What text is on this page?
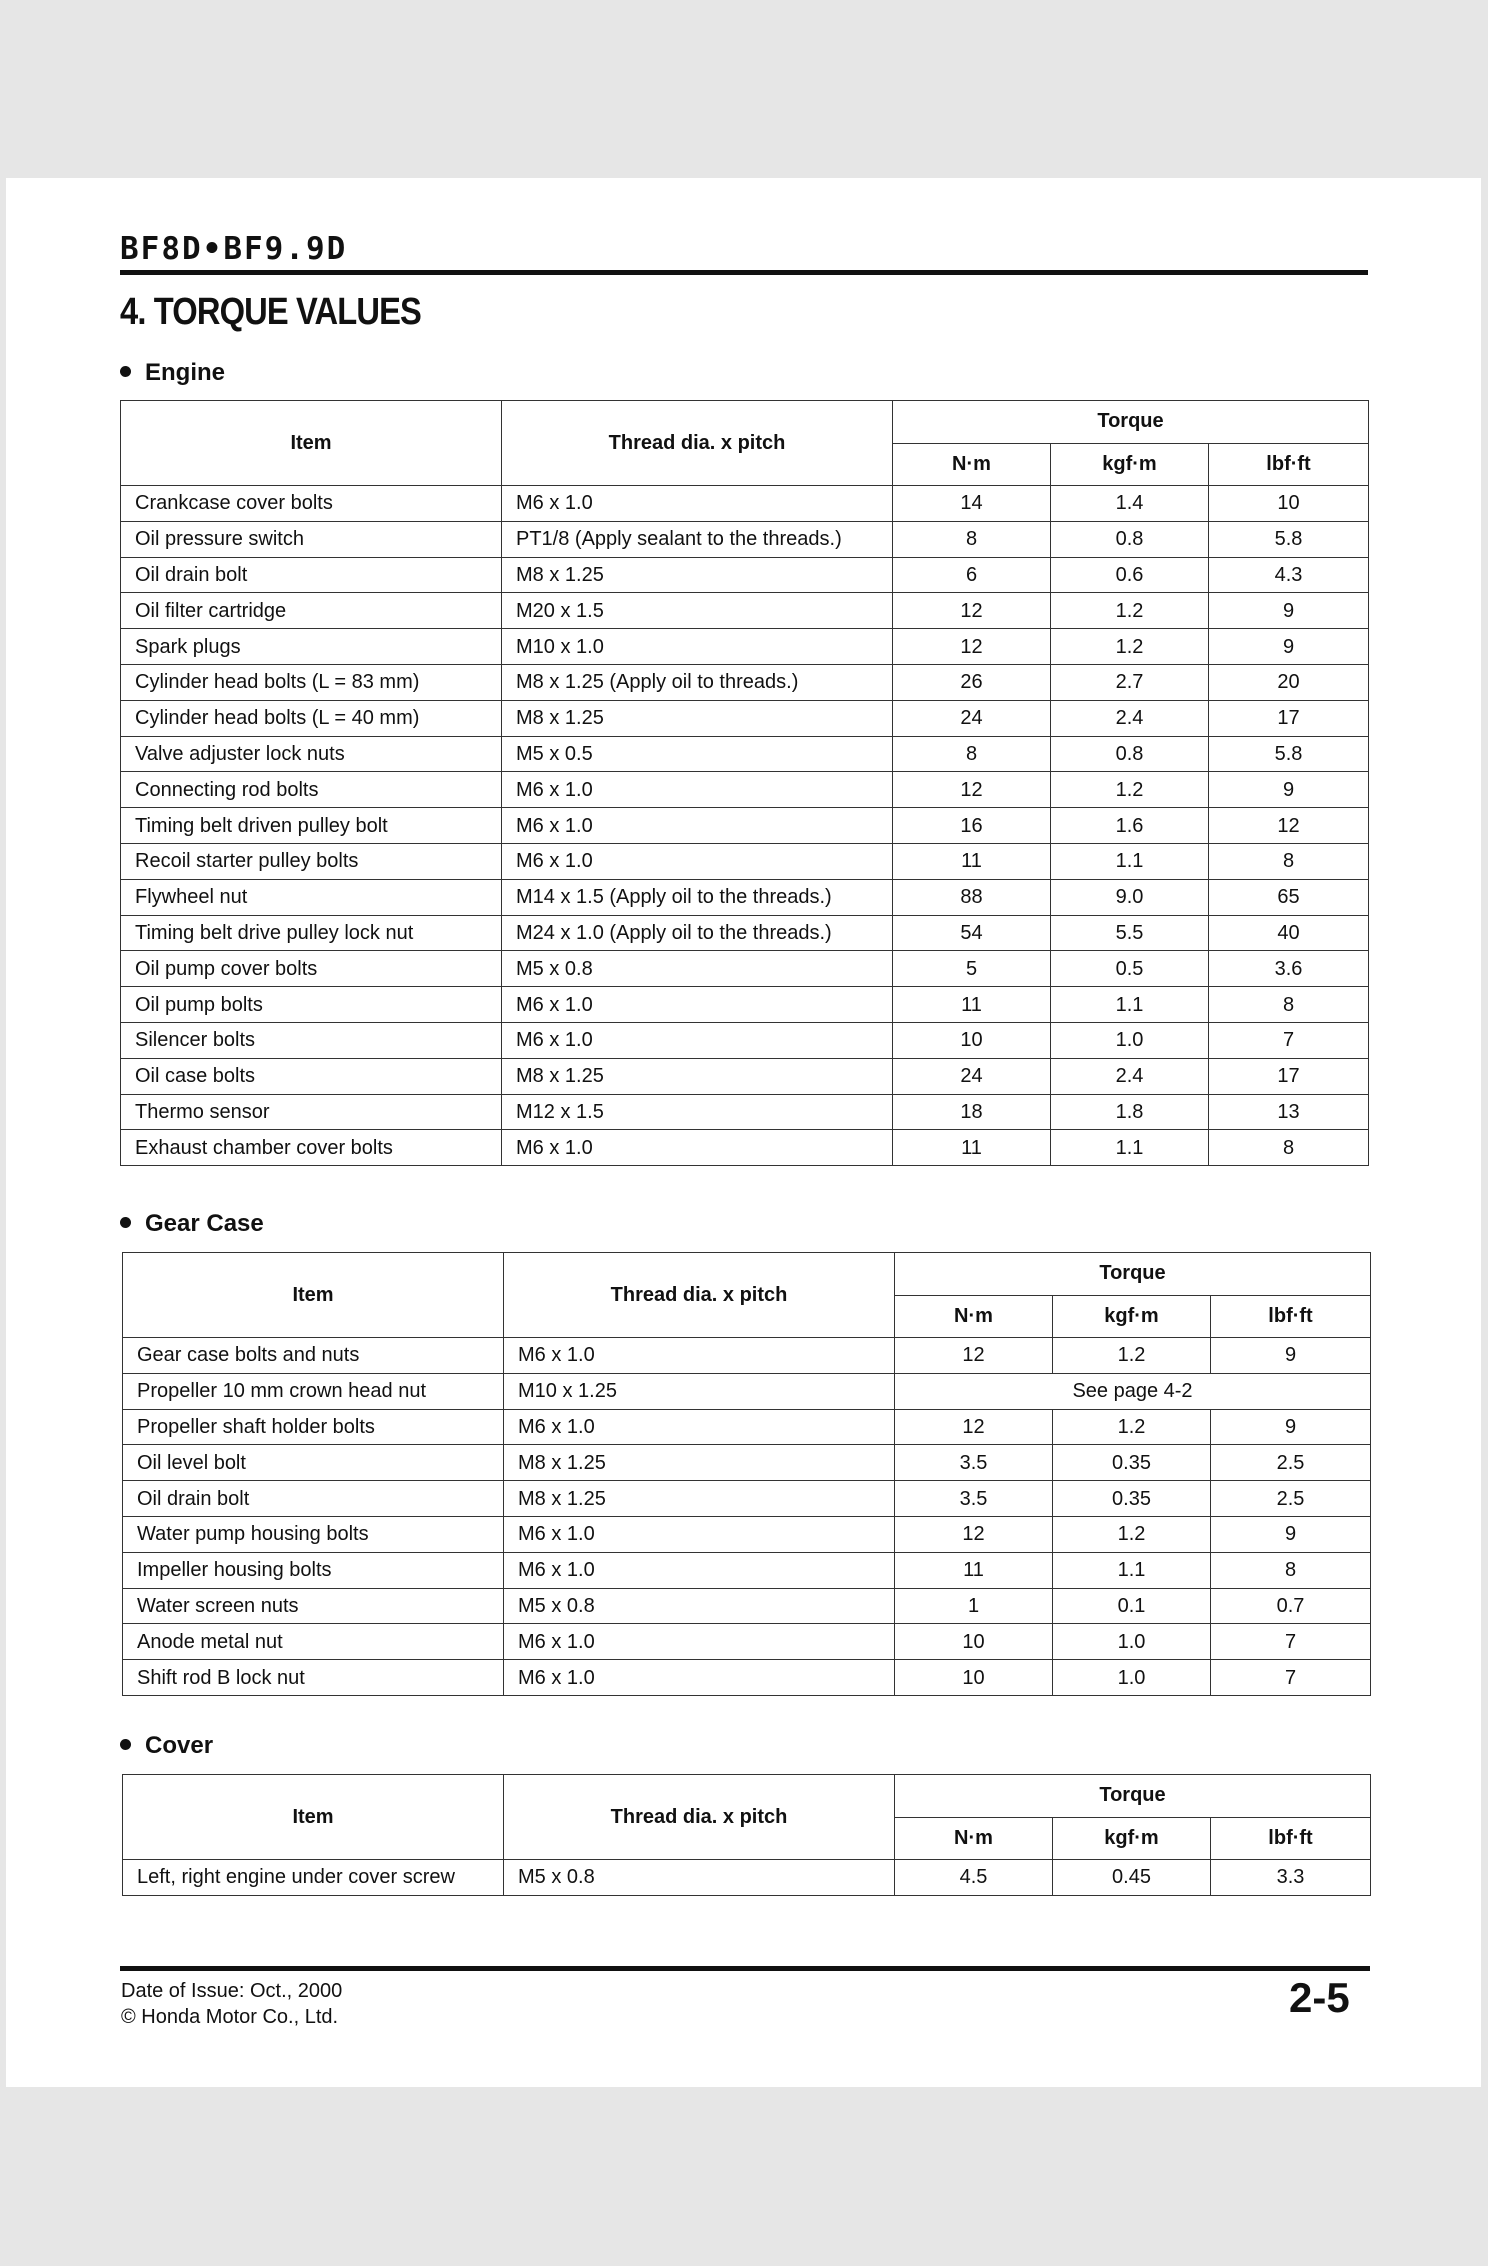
BF8D•BF9.9D
4. TORQUE VALUES
Engine
Item	Thread dia. x pitch	Torque		
		N·m	kgf·m	lbf·ft
Crankcase cover bolts	M6 x 1.0	14	1.4	10
Oil pressure switch	PT1/8 (Apply sealant to the threads.)	8	0.8	5.8
Oil drain bolt	M8 x 1.25	6	0.6	4.3
Oil filter cartridge	M20 x 1.5	12	1.2	9
Spark plugs	M10 x 1.0	12	1.2	9
Cylinder head bolts (L = 83 mm)	M8 x 1.25 (Apply oil to threads.)	26	2.7	20
Cylinder head bolts (L = 40 mm)	M8 x 1.25	24	2.4	17
Valve adjuster lock nuts	M5 x 0.5	8	0.8	5.8
Connecting rod bolts	M6 x 1.0	12	1.2	9
Timing belt driven pulley bolt	M6 x 1.0	16	1.6	12
Recoil starter pulley bolts	M6 x 1.0	11	1.1	8
Flywheel nut	M14 x 1.5 (Apply oil to the threads.)	88	9.0	65
Timing belt drive pulley lock nut	M24 x 1.0 (Apply oil to the threads.)	54	5.5	40
Oil pump cover bolts	M5 x 0.8	5	0.5	3.6
Oil pump bolts	M6 x 1.0	11	1.1	8
Silencer bolts	M6 x 1.0	10	1.0	7
Oil case bolts	M8 x 1.25	24	2.4	17
Thermo sensor	M12 x 1.5	18	1.8	13
Exhaust chamber cover bolts	M6 x 1.0	11	1.1	8
Gear Case
Item	Thread dia. x pitch	Torque		
		N·m	kgf·m	lbf·ft
Gear case bolts and nuts	M6 x 1.0	12	1.2	9
Propeller 10 mm crown head nut	M10 x 1.25	See page 4-2		
Propeller shaft holder bolts	M6 x 1.0	12	1.2	9
Oil level bolt	M8 x 1.25	3.5	0.35	2.5
Oil drain bolt	M8 x 1.25	3.5	0.35	2.5
Water pump housing bolts	M6 x 1.0	12	1.2	9
Impeller housing bolts	M6 x 1.0	11	1.1	8
Water screen nuts	M5 x 0.8	1	0.1	0.7
Anode metal nut	M6 x 1.0	10	1.0	7
Shift rod B lock nut	M6 x 1.0	10	1.0	7
Cover
Item	Thread dia. x pitch	Torque		
		N·m	kgf·m	lbf·ft
Left, right engine under cover screw	M5 x 0.8	4.5	0.45	3.3
Date of Issue: Oct., 2000
© Honda Motor Co., Ltd.	2-5
